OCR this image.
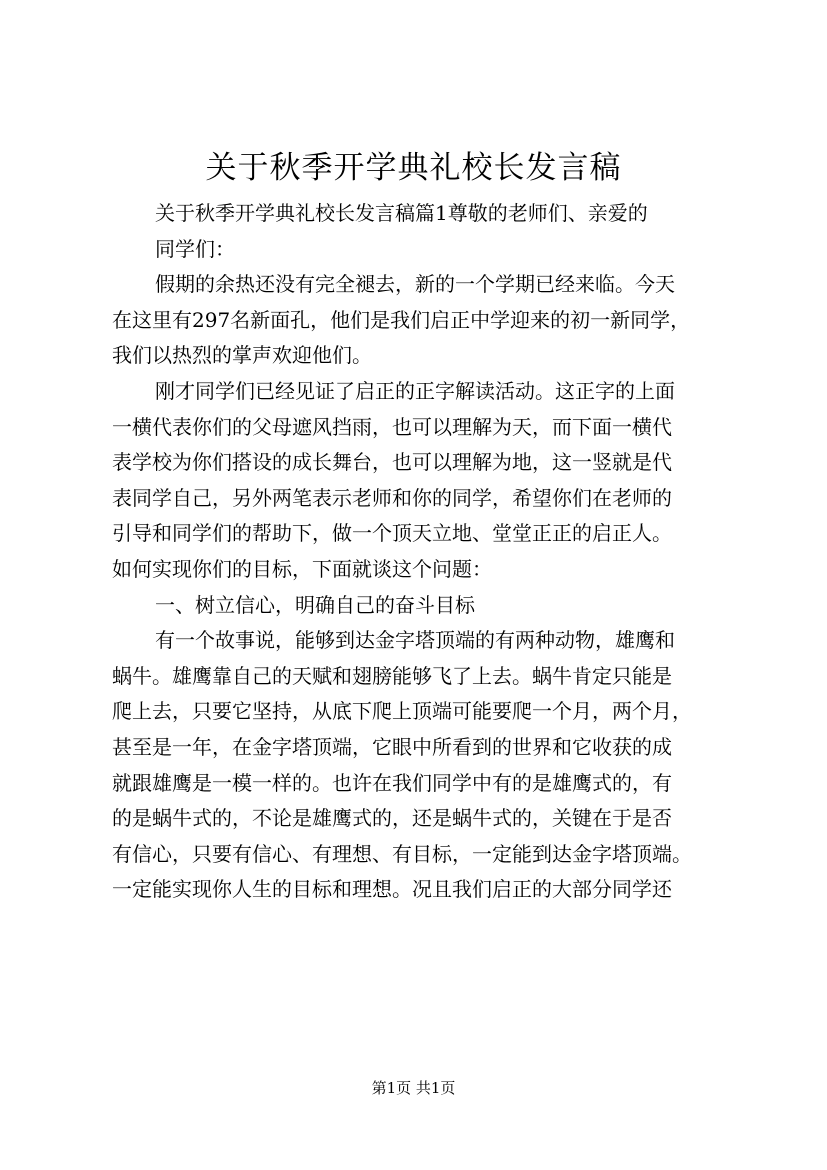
关于秋季开学典礼校长发言稿
关于秋季开学典礼校长发言稿篇1尊敬的老师们、亲爱的
同学们：
假期的余热还没有完全褪去，新的一个学期已经来临。今天
在这里有297名新面孔，他们是我们启正中学迎来的初一新同学，
我们以热烈的掌声欢迎他们。
刚才同学们已经见证了启正的正字解读活动。这正字的上面
一横代表你们的父母遮风挡雨，也可以理解为天，而下面一横代
表学校为你们搭设的成长舞台，也可以理解为地，这一竖就是代
表同学自己，另外两笔表示老师和你的同学，希望你们在老师的
引导和同学们的帮助下，做一个顶天立地、堂堂正正的启正人。
如何实现你们的目标，下面就谈这个问题：
一、树立信心，明确自己的奋斗目标
有一个故事说，能够到达金字塔顶端的有两种动物，雄鹰和
蜗牛。雄鹰靠自己的天赋和翅膀能够飞了上去。蜗牛肯定只能是
爬上去，只要它坚持，从底下爬上顶端可能要爬一个月，两个月，
甚至是一年，在金字塔顶端，它眼中所看到的世界和它收获的成
就跟雄鹰是一模一样的。也许在我们同学中有的是雄鹰式的，有
的是蜗牛式的，不论是雄鹰式的，还是蜗牛式的，关键在于是否
有信心，只要有信心、有理想、有目标，一定能到达金字塔顶端。
一定能实现你人生的目标和理想。况且我们启正的大部分同学还
第1页 共1页
